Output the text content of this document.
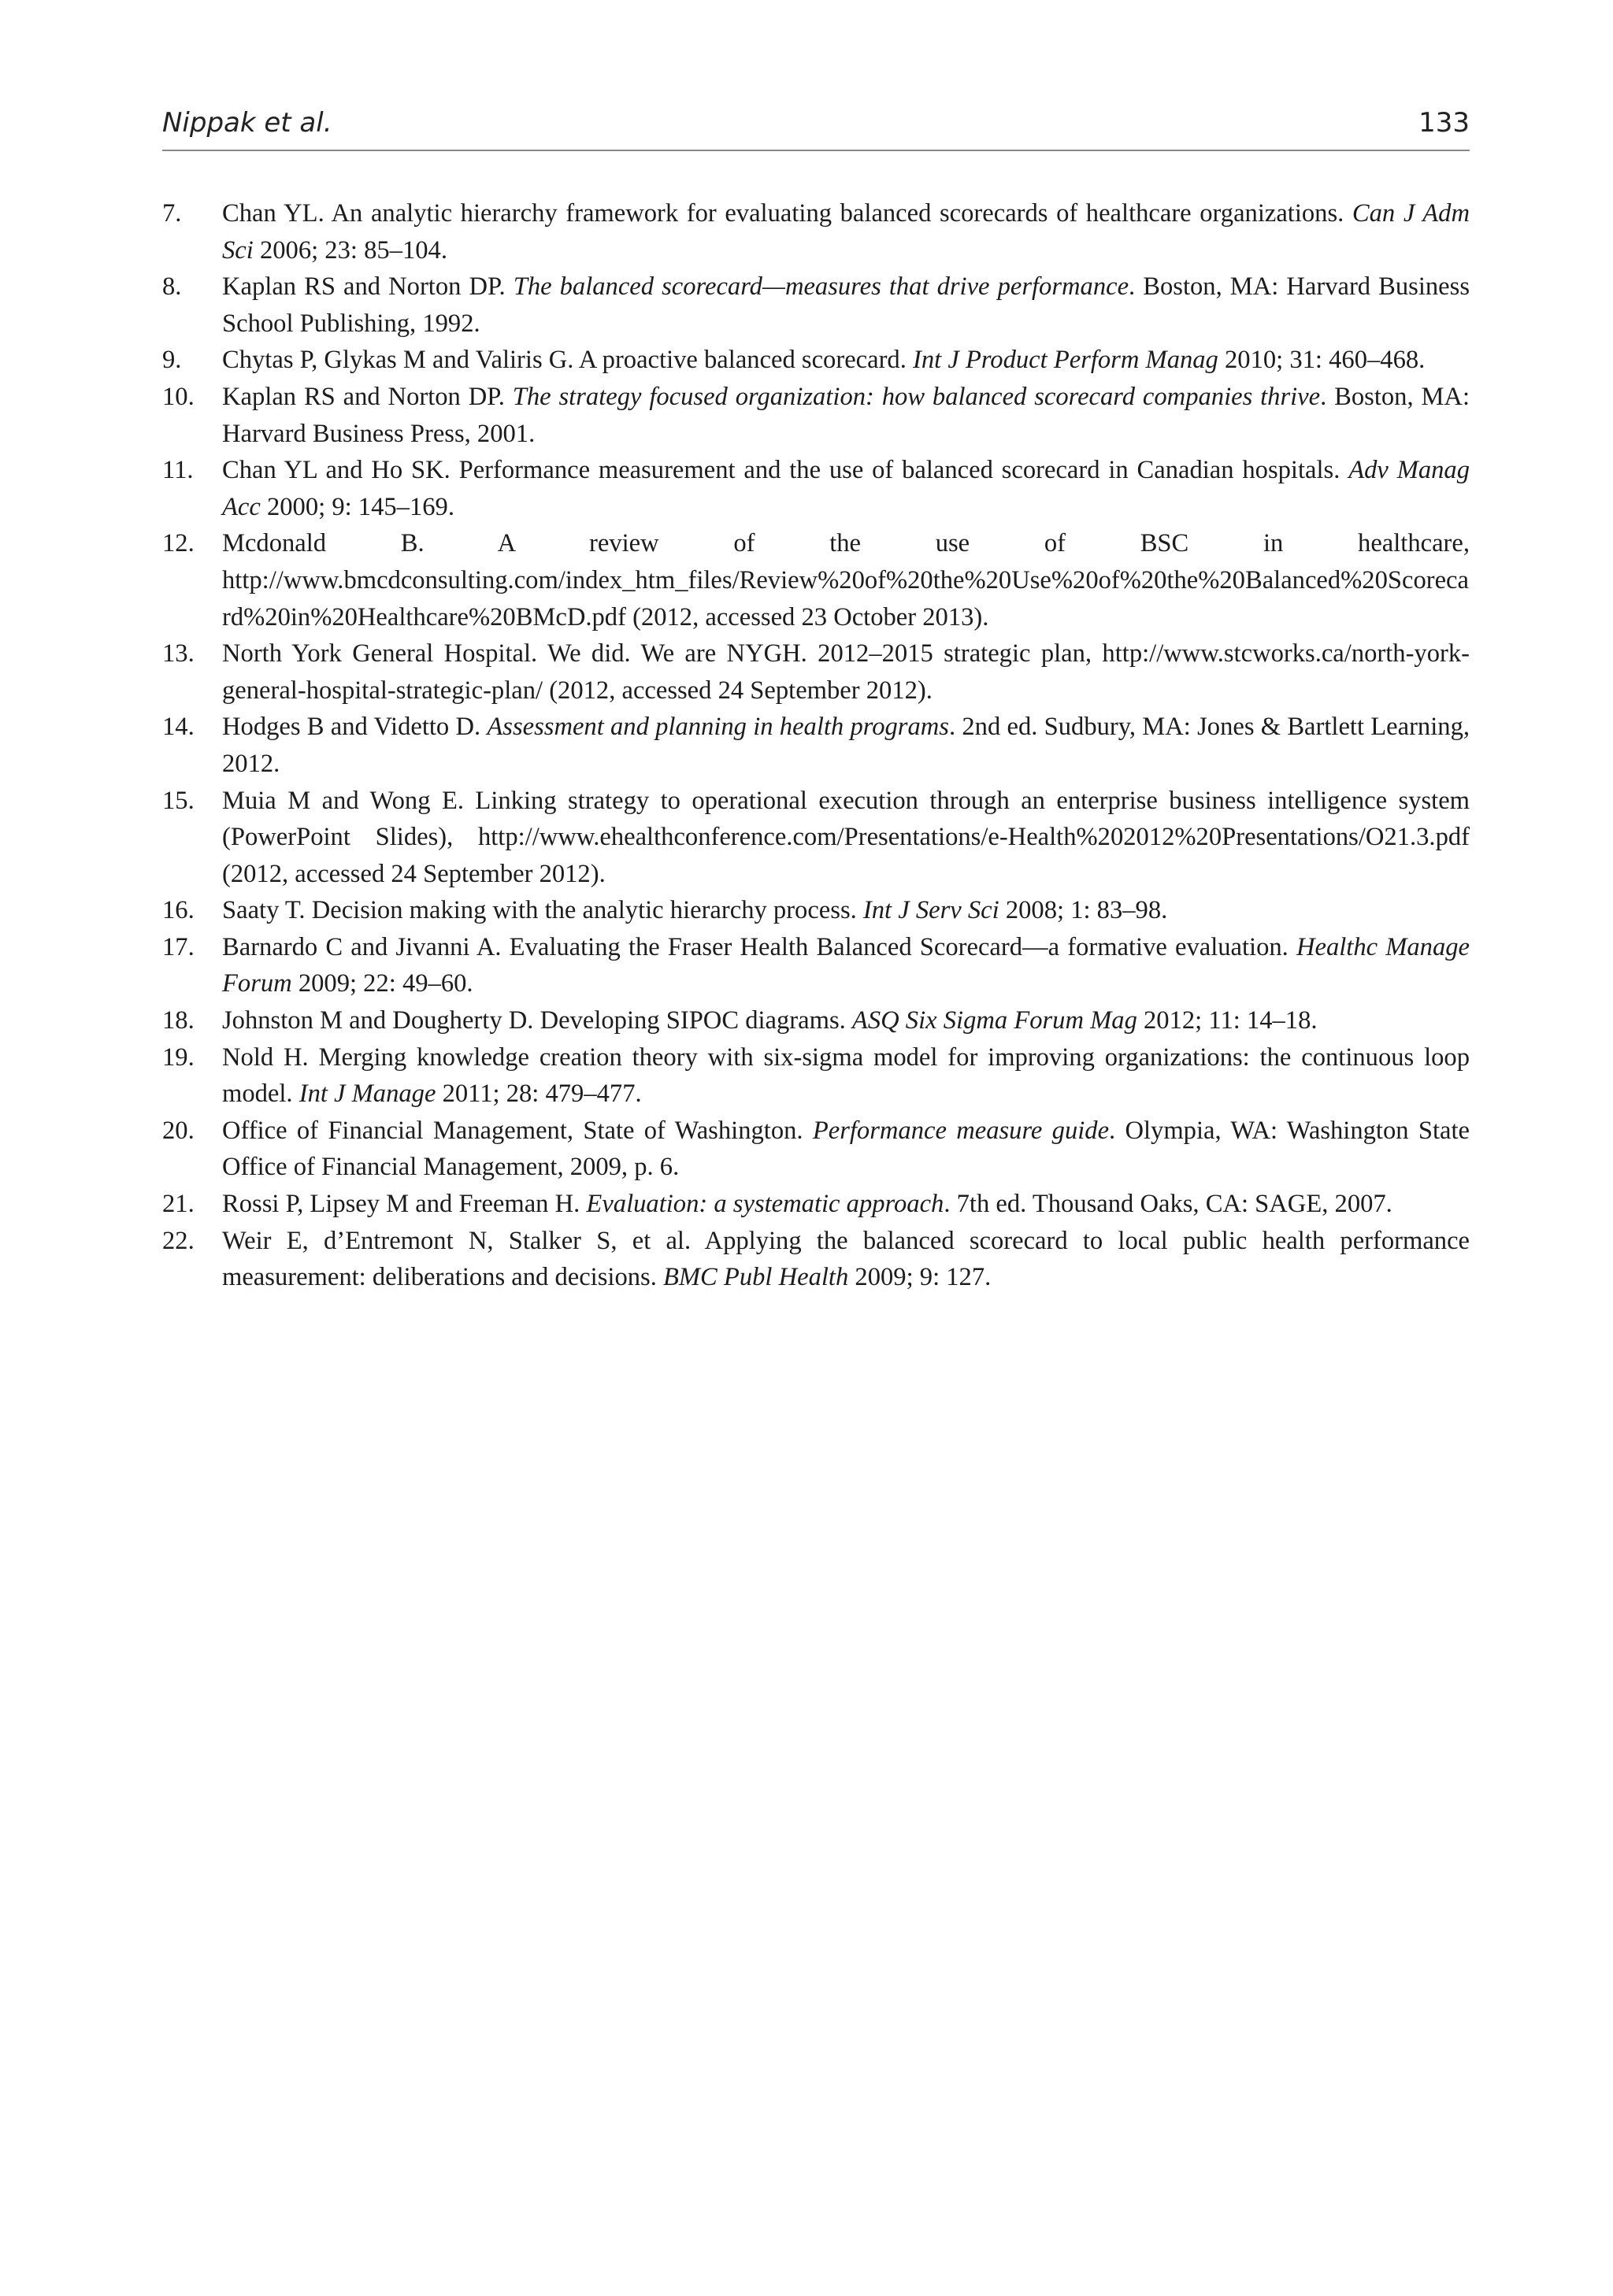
Nippak et al.	133
7.	Chan YL. An analytic hierarchy framework for evaluating balanced scorecards of healthcare organizations. Can J Adm Sci 2006; 23: 85–104.
8.	Kaplan RS and Norton DP. The balanced scorecard—measures that drive performance. Boston, MA: Harvard Business School Publishing, 1992.
9.	Chytas P, Glykas M and Valiris G. A proactive balanced scorecard. Int J Product Perform Manag 2010; 31: 460–468.
10. Kaplan RS and Norton DP. The strategy focused organization: how balanced scorecard companies thrive. Boston, MA: Harvard Business Press, 2001.
11.	Chan YL and Ho SK. Performance measurement and the use of balanced scorecard in Canadian hospitals. Adv Manag Acc 2000; 9: 145–169.
12. Mcdonald B. A review of the use of BSC in healthcare, http://www.bmcdconsulting.com/index_htm_files/Review%20of%20the%20Use%20of%20the%20Balanced%20Scorecard%20in%20Healthcare%20BMcD.pdf (2012, accessed 23 October 2013).
13. North York General Hospital. We did. We are NYGH. 2012–2015 strategic plan, http://www.stcworks.ca/north-york-general-hospital-strategic-plan/ (2012, accessed 24 September 2012).
14. Hodges B and Videtto D. Assessment and planning in health programs. 2nd ed. Sudbury, MA: Jones & Bartlett Learning, 2012.
15. Muia M and Wong E. Linking strategy to operational execution through an enterprise business intelligence system (PowerPoint Slides), http://www.ehealthconference.com/Presentations/e-Health%202012%20Presentations/O21.3.pdf (2012, accessed 24 September 2012).
16. Saaty T. Decision making with the analytic hierarchy process. Int J Serv Sci 2008; 1: 83–98.
17. Barnardo C and Jivanni A. Evaluating the Fraser Health Balanced Scorecard—a formative evaluation. Healthc Manage Forum 2009; 22: 49–60.
18. Johnston M and Dougherty D. Developing SIPOC diagrams. ASQ Six Sigma Forum Mag 2012; 11: 14–18.
19. Nold H. Merging knowledge creation theory with six-sigma model for improving organizations: the continuous loop model. Int J Manage 2011; 28: 479–477.
20. Office of Financial Management, State of Washington. Performance measure guide. Olympia, WA: Washington State Office of Financial Management, 2009, p. 6.
21. Rossi P, Lipsey M and Freeman H. Evaluation: a systematic approach. 7th ed. Thousand Oaks, CA: SAGE, 2007.
22. Weir E, d’Entremont N, Stalker S, et al. Applying the balanced scorecard to local public health performance measurement: deliberations and decisions. BMC Publ Health 2009; 9: 127.
